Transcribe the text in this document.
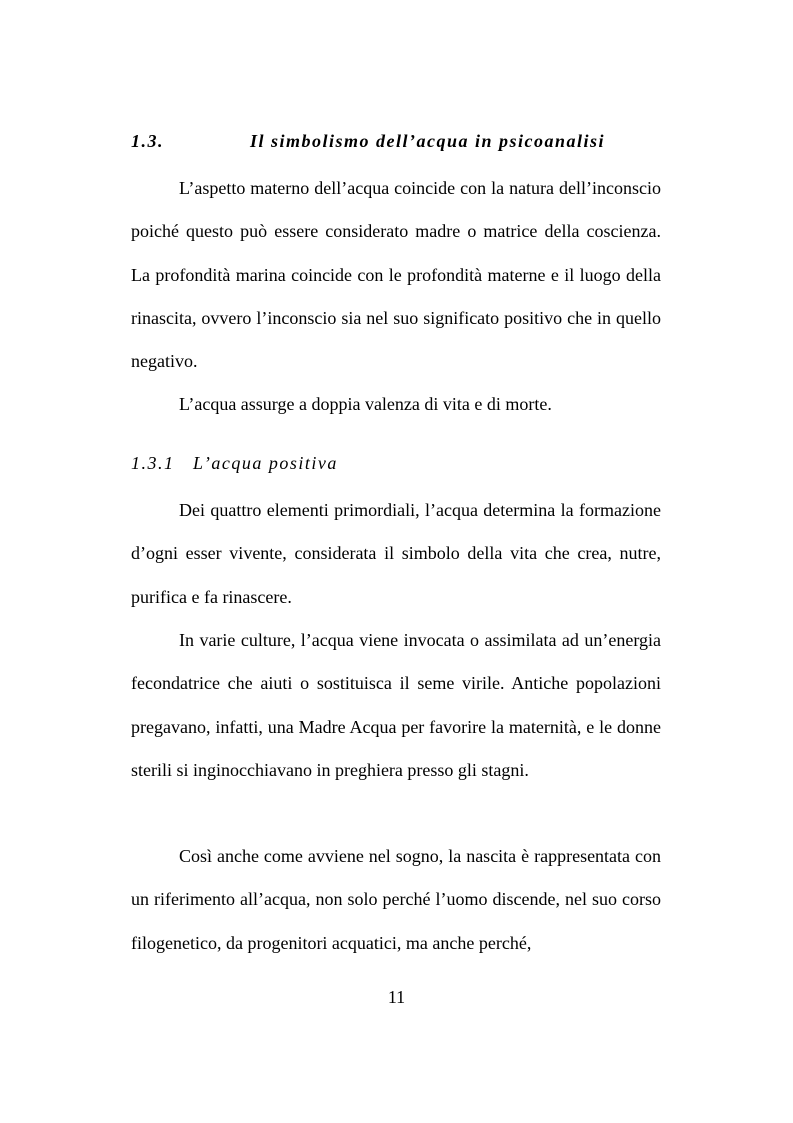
1.3.	Il simbolismo dell’acqua in psicoanalisi

L’aspetto materno dell’acqua coincide con la natura dell’inconscio poiché questo può essere considerato madre o matrice della coscienza. La profondità marina coincide con le profondità materne e il luogo della rinascita, ovvero l’inconscio sia nel suo significato positivo che in quello negativo.

L’acqua assurge a doppia valenza di vita e di morte.

1.3.1 L’acqua positiva

Dei quattro elementi primordiali, l’acqua determina la formazione d’ogni esser vivente, considerata il simbolo della vita che crea, nutre, purifica e fa rinascere.

In varie culture, l’acqua viene invocata o assimilata ad un’energia fecondatrice che aiuti o sostituisca il seme virile. Antiche popolazioni pregavano, infatti, una Madre Acqua per favorire la maternità, e le donne sterili si inginocchiavano in preghiera presso gli stagni.

Così anche come avviene nel sogno, la nascita è rappresentata con un riferimento all’acqua, non solo perché l’uomo discende, nel suo corso filogenetico, da progenitori acquatici, ma anche perché,

11
